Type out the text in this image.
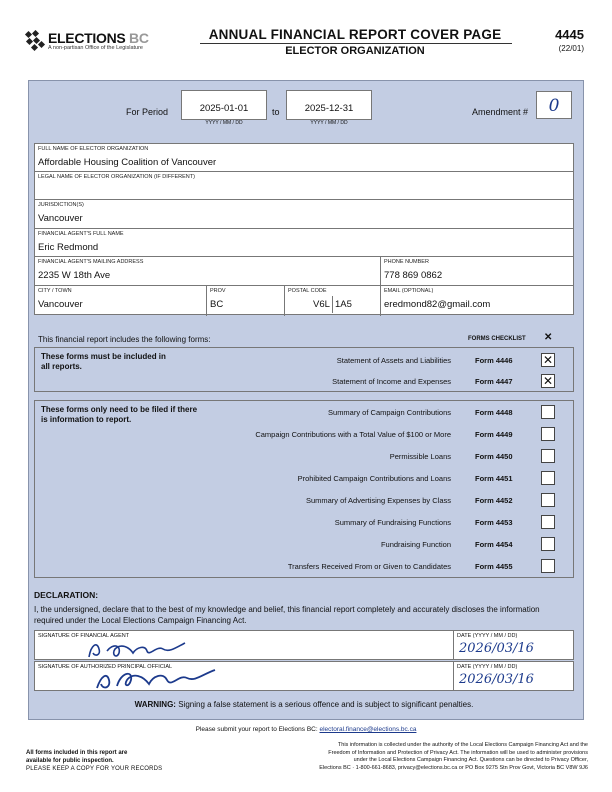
ELECTIONS BC
A non-partisan Office of the Legislature
ANNUAL FINANCIAL REPORT COVER PAGE
ELECTOR ORGANIZATION
4445
(22/01)
For Period	2025-01-01
YYYY / MM / DD
to	2025-12-31
YYYY / MM / DD
Amendment #	0
FULL NAME OF ELECTOR ORGANIZATION
Affordable Housing Coalition of Vancouver
LEGAL NAME OF ELECTOR ORGANIZATION (IF DIFFERENT)
JURISDICTION(S)
Vancouver
FINANCIAL AGENT'S FULL NAME
Eric Redmond
FINANCIAL AGENT'S MAILING ADDRESS
2235 W 18th Ave
PHONE NUMBER
778 869 0862
CITY / TOWN
Vancouver
PROV
BC
POSTAL CODE
V6L 1A5
EMAIL (OPTIONAL)
eredmond82@gmail.com
This financial report includes the following forms:	FORMS CHECKLIST ✕
These forms must be included in all reports.
Statement of Assets and Liabilities	Form 4446	✕
Statement of Income and Expenses	Form 4447	✕
These forms only need to be filed if there is information to report.
Summary of Campaign Contributions	Form 4448
Campaign Contributions with a Total Value of $100 or More	Form 4449
Permissible Loans	Form 4450
Prohibited Campaign Contributions and Loans	Form 4451
Summary of Advertising Expenses by Class	Form 4452
Summary of Fundraising Functions	Form 4453
Fundraising Function	Form 4454
Transfers Received From or Given to Candidates	Form 4455
DECLARATION:
I, the undersigned, declare that to the best of my knowledge and belief, this financial report completely and accurately discloses the information required under the Local Elections Campaign Financing Act.
SIGNATURE OF FINANCIAL AGENT	DATE (YYYY / MM / DD)
2026/03/16
SIGNATURE OF AUTHORIZED PRINCIPAL OFFICIAL	DATE (YYYY / MM / DD)
2026/03/16
WARNING: Signing a false statement is a serious offence and is subject to significant penalties.
Please submit your report to Elections BC: electoral.finance@elections.bc.ca
All forms included in this report are
available for public inspection.
PLEASE KEEP A COPY FOR YOUR RECORDS
This information is collected under the authority of the Local Elections Campaign Financing Act and the
Freedom of Information and Protection of Privacy Act. The information will be used to administer provisions
under the Local Elections Campaign Financing Act. Questions can be directed to Privacy Officer,
Elections BC · 1-800-661-8683, privacy@elections.bc.ca or PO Box 9275 Stn Prov Govt, Victoria BC V8W 9J6
